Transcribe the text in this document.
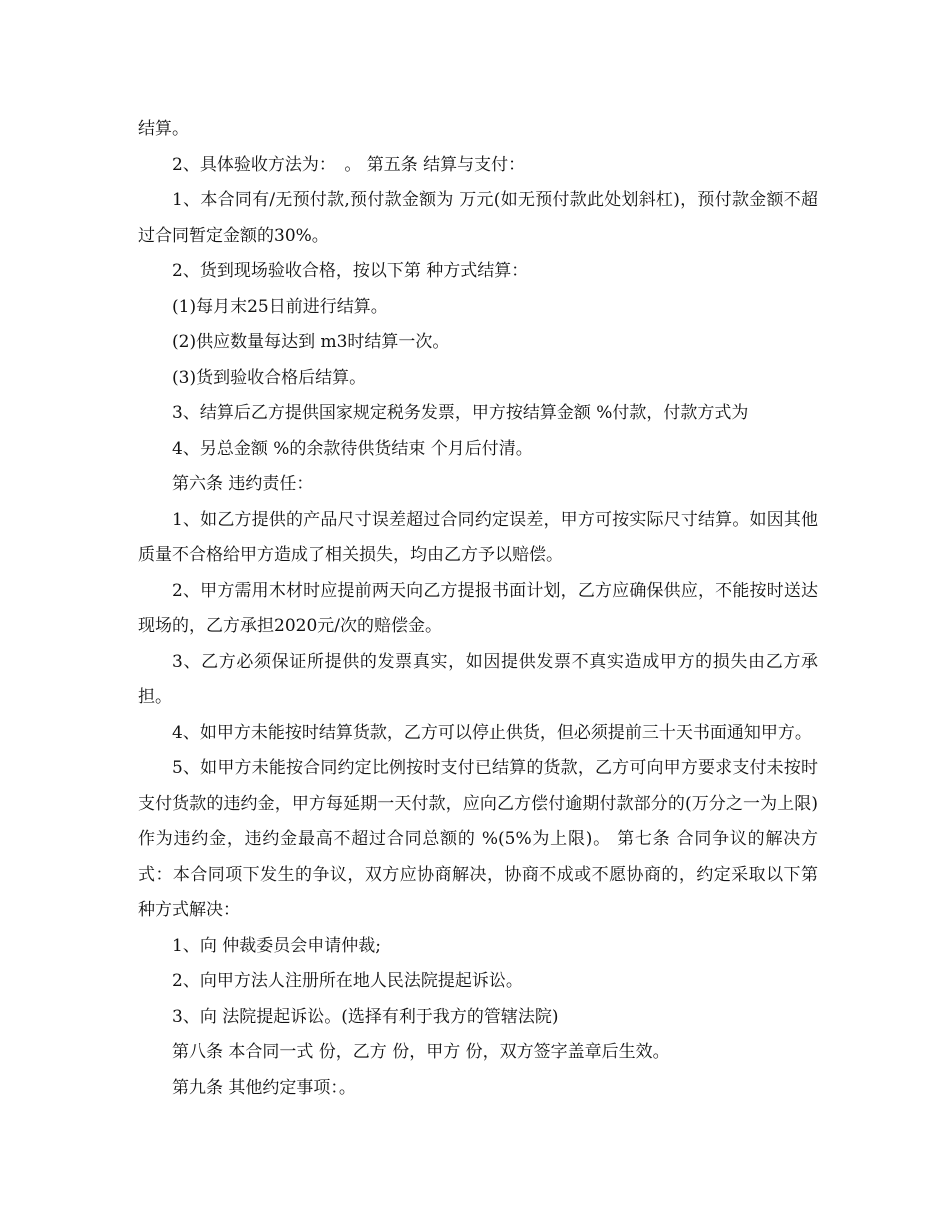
结算。

2、具体验收方法为：　。 第五条 结算与支付：

1、本合同有/无预付款,预付款金额为 万元(如无预付款此处划斜杠)，预付款金额不超过合同暂定金额的30%。

2、货到现场验收合格，按以下第 种方式结算：

(1)每月末25日前进行结算。

(2)供应数量每达到 m3时结算一次。

(3)货到验收合格后结算。

3、结算后乙方提供国家规定税务发票，甲方按结算金额 %付款，付款方式为

4、另总金额 %的余款待供货结束 个月后付清。

第六条 违约责任：

1、如乙方提供的产品尺寸误差超过合同约定误差，甲方可按实际尺寸结算。如因其他质量不合格给甲方造成了相关损失，均由乙方予以赔偿。

2、甲方需用木材时应提前两天向乙方提报书面计划，乙方应确保供应，不能按时送达现场的，乙方承担2020元/次的赔偿金。

3、乙方必须保证所提供的发票真实，如因提供发票不真实造成甲方的损失由乙方承担。

4、如甲方未能按时结算货款，乙方可以停止供货，但必须提前三十天书面通知甲方。

5、如甲方未能按合同约定比例按时支付已结算的货款，乙方可向甲方要求支付未按时支付货款的违约金，甲方每延期一天付款，应向乙方偿付逾期付款部分的(万分之一为上限)作为违约金，违约金最高不超过合同总额的 %(5%为上限)。 第七条 合同争议的解决方式：本合同项下发生的争议，双方应协商解决，协商不成或不愿协商的，约定采取以下第 种方式解决：

1、向 仲裁委员会申请仲裁;

2、向甲方法人注册所在地人民法院提起诉讼。

3、向 法院提起诉讼。(选择有利于我方的管辖法院)

第八条 本合同一式 份，乙方 份，甲方 份，双方签字盖章后生效。

第九条 其他约定事项：。
